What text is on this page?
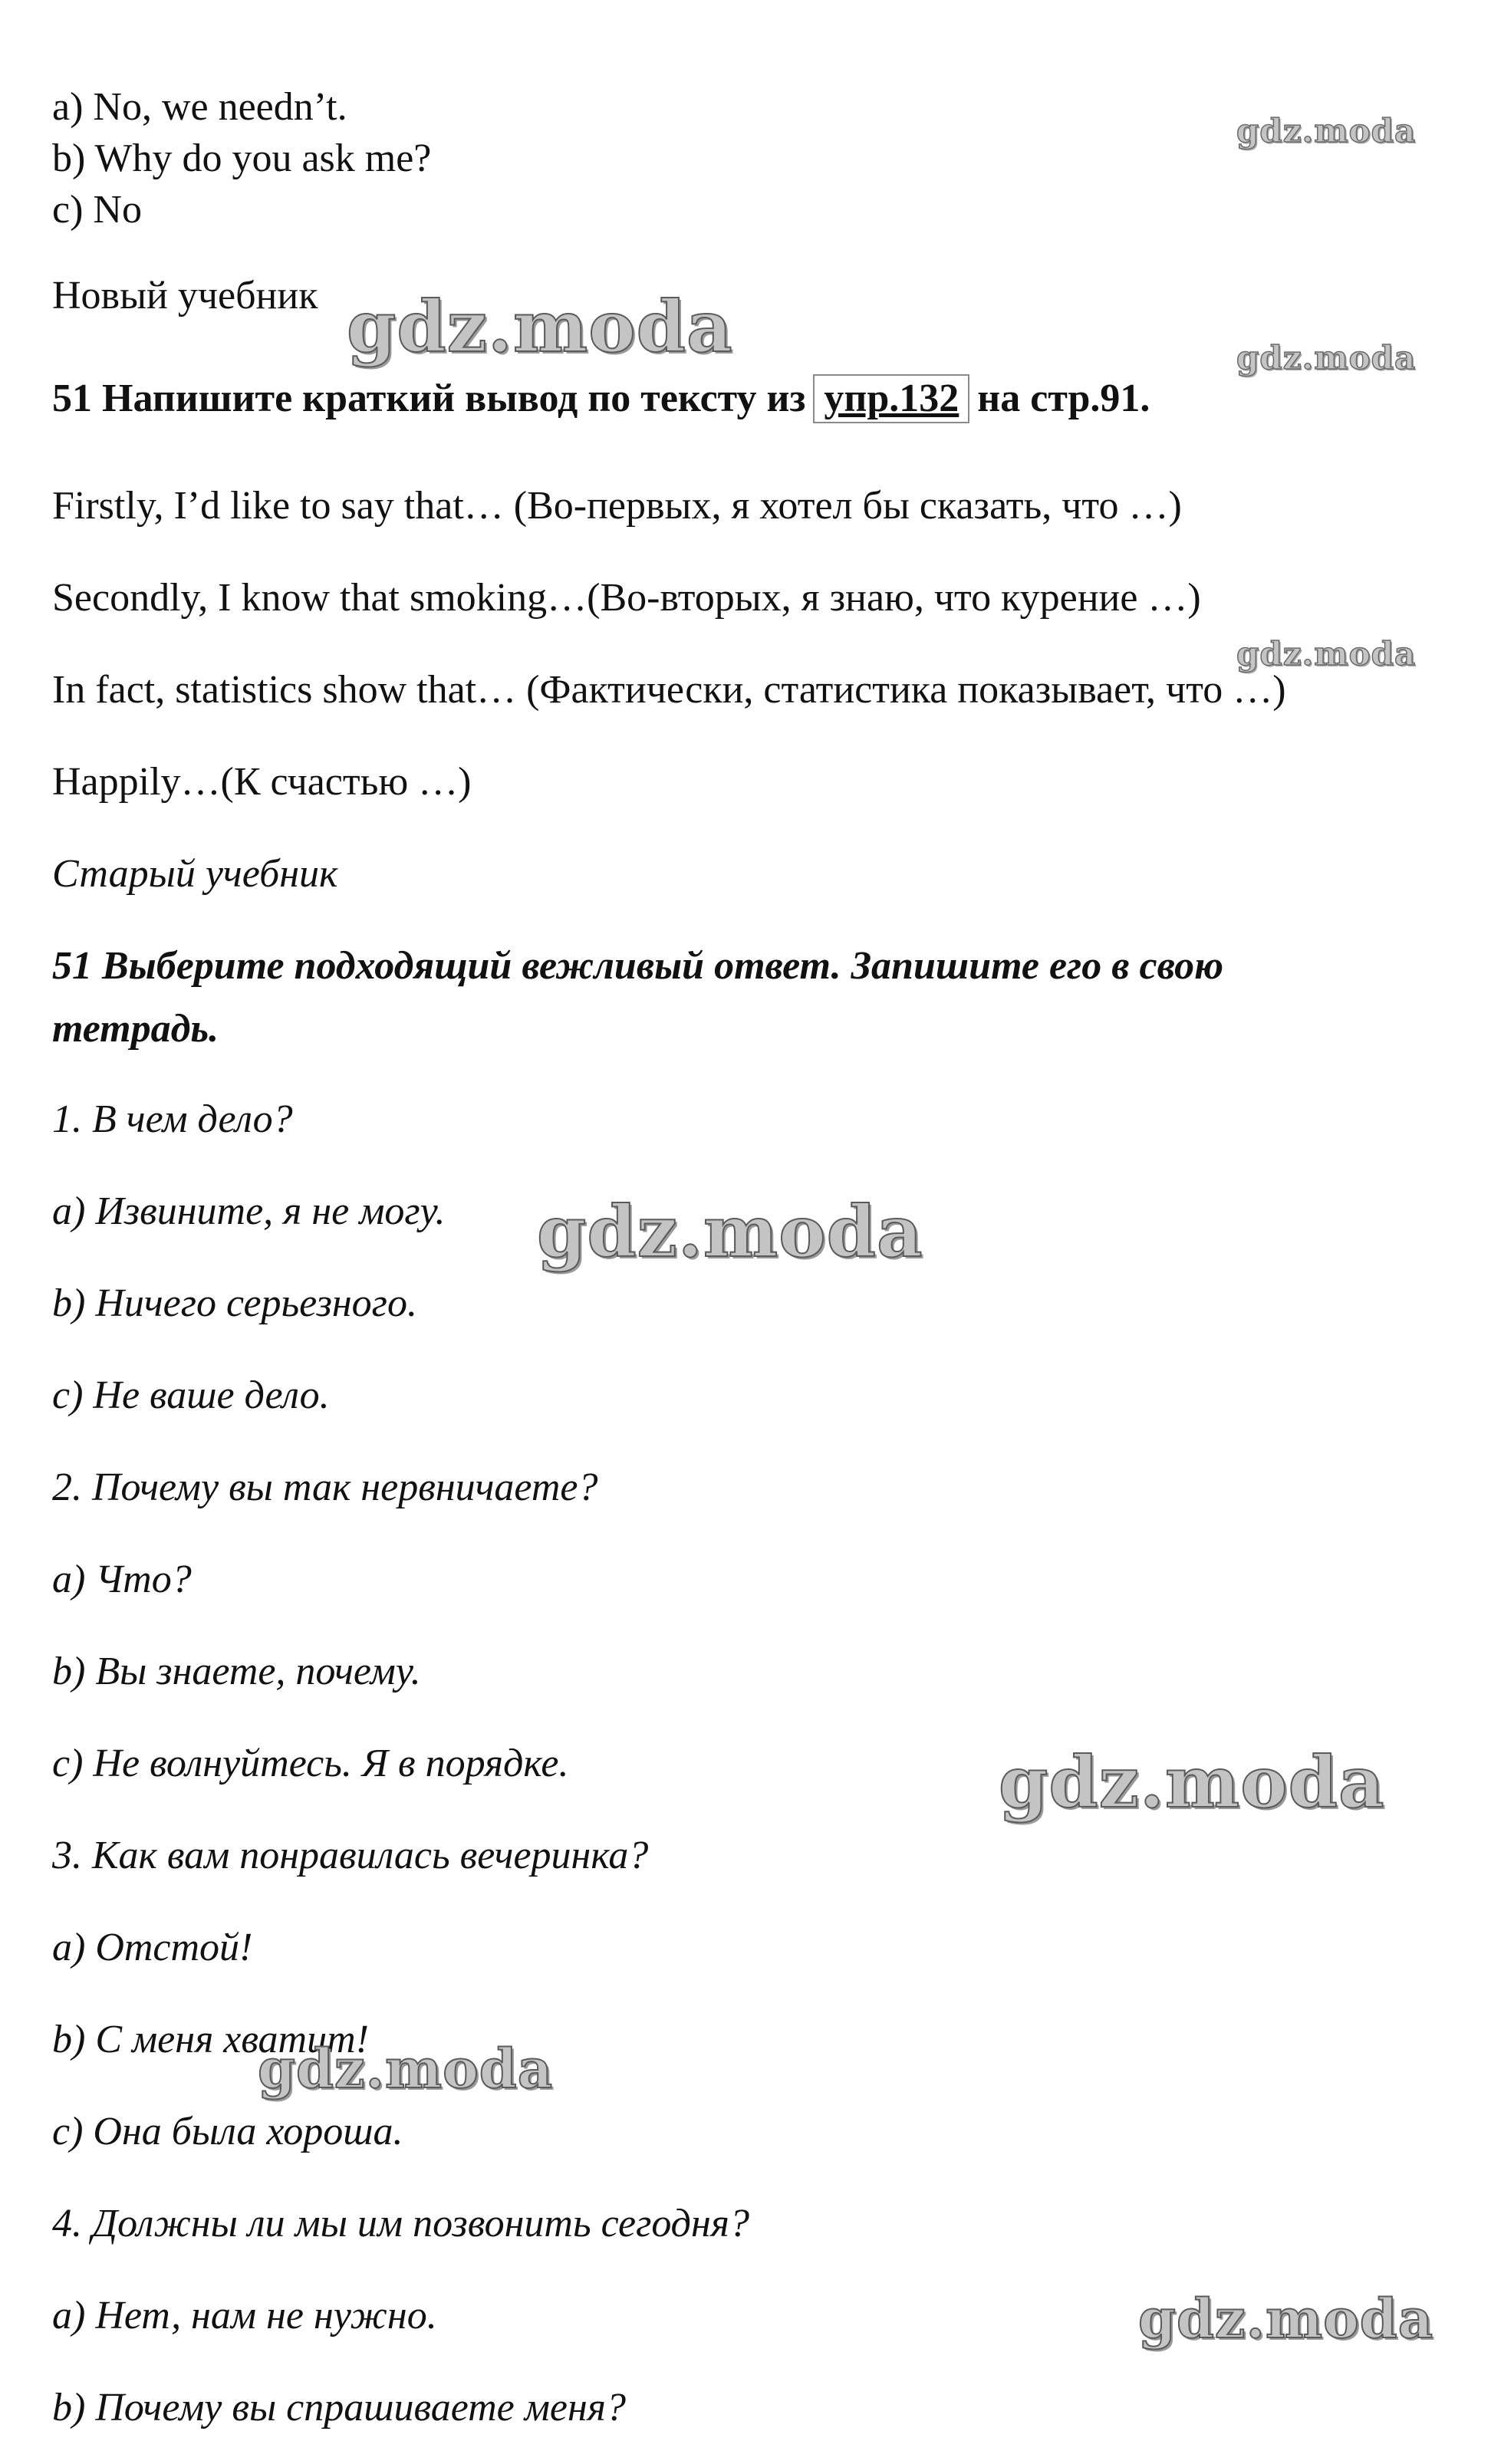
a) No, we needn’t.
b) Why do you ask me?
c) No
Новый учебник
51 Напишите краткий вывод по тексту из упр.132 на стр.91.
Firstly, I’d like to say that… (Во-первых, я хотел бы сказать, что …)
Secondly, I know that smoking…(Во-вторых, я знаю, что курение …)
In fact, statistics show that… (Фактически, статистика показывает, что …)
Happily…(К счастью …)
Старый учебник
51 Выберите подходящий вежливый ответ. Запишите его в свою
тетрадь.
1. В чем дело?
a) Извините, я не могу.
b) Ничего серьезного.
c) Не ваше дело.
2. Почему вы так нервничаете?
a) Что?
b) Вы знаете, почему.
c) Не волнуйтесь. Я в порядке.
3. Как вам понравилась вечеринка?
a) Отстой!
b) С меня хватит!
c) Она была хороша.
4. Должны ли мы им позвонить сегодня?
a) Нет, нам не нужно.
b) Почему вы спрашиваете меня?
gdz.moda
gdz.moda	gdz.moda
gdz.moda
gdz.moda
gdz.moda
gdz.moda
gdz.moda
